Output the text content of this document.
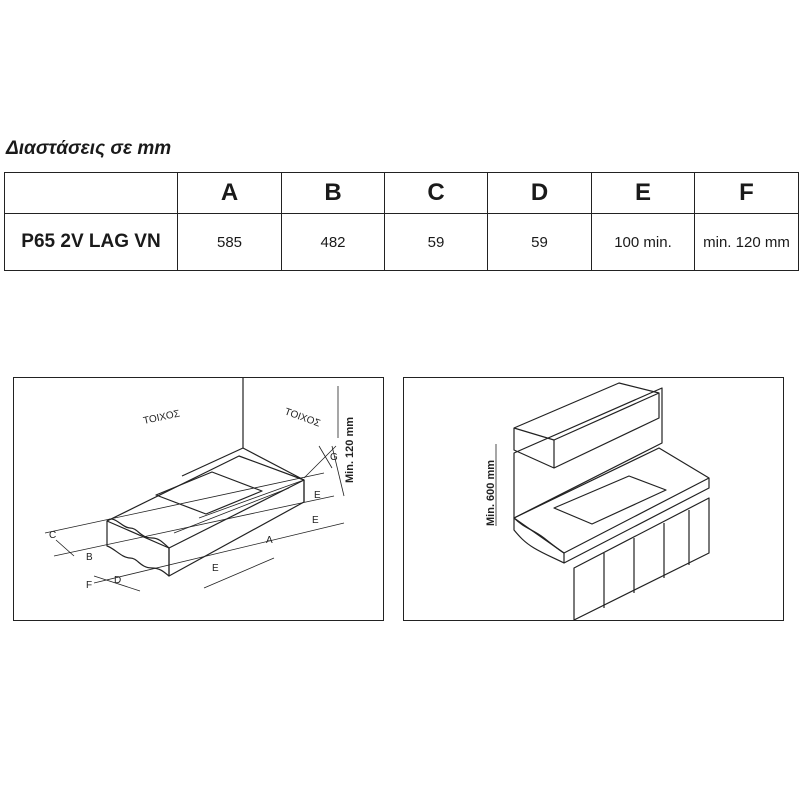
Διαστάσεις σε mm
	A	B	C	D	E	F
P65 2V LAG VN	585	482	59	59	100 min.	min. 120 mm
ΤΟΙΧΟΣ	ΤΟΙΧΟΣ Min. 120 mm
C
B
F D
E
A
E
G
E	Min. 600 mm
